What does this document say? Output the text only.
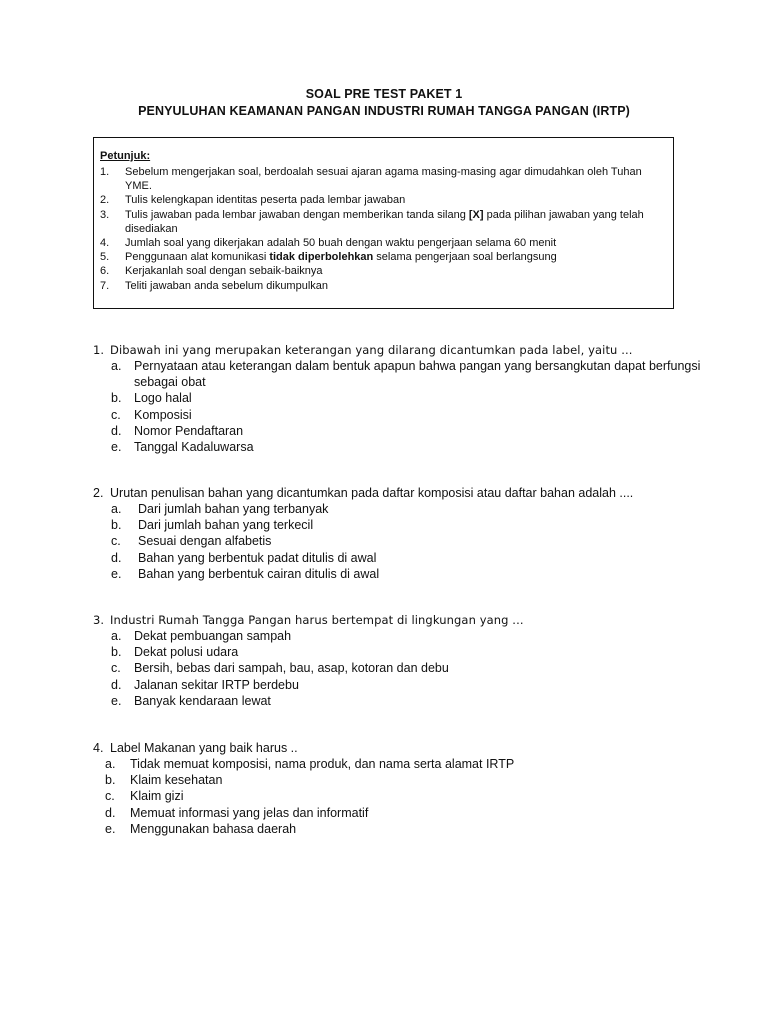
SOAL PRE TEST PAKET 1
PENYULUHAN KEAMANAN PANGAN INDUSTRI RUMAH TANGGA PANGAN (IRTP)
Petunjuk:
1. Sebelum mengerjakan soal, berdoalah sesuai ajaran agama masing-masing agar dimudahkan oleh Tuhan YME.
2. Tulis kelengkapan identitas peserta pada lembar jawaban
3. Tulis jawaban pada lembar jawaban dengan memberikan tanda silang [X] pada pilihan jawaban yang telah disediakan
4. Jumlah soal yang dikerjakan adalah 50 buah dengan waktu pengerjaan selama 60 menit
5. Penggunaan alat komunikasi tidak diperbolehkan selama pengerjaan soal berlangsung
6. Kerjakanlah soal dengan sebaik-baiknya
7. Teliti jawaban anda sebelum dikumpulkan
1. Dibawah ini yang merupakan keterangan yang dilarang dicantumkan pada label, yaitu ...
a. Pernyataan atau keterangan dalam bentuk apapun bahwa pangan yang bersangkutan dapat berfungsi sebagai obat
b. Logo halal
c. Komposisi
d. Nomor Pendaftaran
e. Tanggal Kadaluwarsa
2. Urutan penulisan bahan yang dicantumkan pada daftar komposisi atau daftar bahan adalah ....
a. Dari jumlah bahan yang terbanyak
b. Dari jumlah bahan yang terkecil
c. Sesuai dengan alfabetis
d. Bahan yang berbentuk padat ditulis di awal
e. Bahan yang berbentuk cairan ditulis di awal
3. Industri Rumah Tangga Pangan harus bertempat di lingkungan yang ...
a. Dekat pembuangan sampah
b. Dekat polusi udara
c. Bersih, bebas dari sampah, bau, asap, kotoran dan debu
d. Jalanan sekitar IRTP berdebu
e. Banyak kendaraan lewat
4. Label Makanan yang baik harus ..
a. Tidak memuat komposisi, nama produk, dan nama serta alamat IRTP
b. Klaim kesehatan
c. Klaim gizi
d. Memuat informasi yang jelas dan informatif
e. Menggunakan bahasa daerah
